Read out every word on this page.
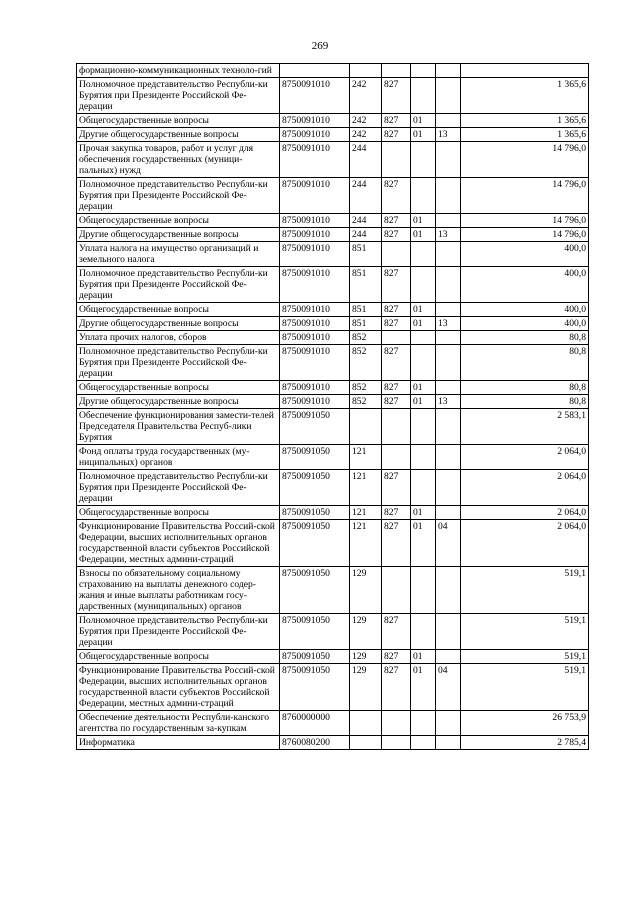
269
формационно-коммуникационных техноло-гий						
Полномочное представительство Республи-ки Бурятия при Президенте Российской Фе-дерации	8750091010	242	827			1 365,6
Общегосударственные вопросы	8750091010	242	827	01		1 365,6
Другие общегосударственные вопросы	8750091010	242	827	01	13	1 365,6
Прочая закупка товаров, работ и услуг для обеспечения государственных (муници-пальных) нужд	8750091010	244				14 796,0
Полномочное представительство Республи-ки Бурятия при Президенте Российской Фе-дерации	8750091010	244	827			14 796,0
Общегосударственные вопросы	8750091010	244	827	01		14 796,0
Другие общегосударственные вопросы	8750091010	244	827	01	13	14 796,0
Уплата налога на имущество организаций и земельного налога	8750091010	851				400,0
Полномочное представительство Республи-ки Бурятия при Президенте Российской Фе-дерации	8750091010	851	827			400,0
Общегосударственные вопросы	8750091010	851	827	01		400,0
Другие общегосударственные вопросы	8750091010	851	827	01	13	400,0
Уплата прочих налогов, сборов	8750091010	852				80,8
Полномочное представительство Республи-ки Бурятия при Президенте Российской Фе-дерации	8750091010	852	827			80,8
Общегосударственные вопросы	8750091010	852	827	01		80,8
Другие общегосударственные вопросы	8750091010	852	827	01	13	80,8
Обеспечение функционирования замести-телей Председателя Правительства Респуб-лики Бурятия	8750091050					2 583,1
Фонд оплаты труда государственных (му-ниципальных) органов	8750091050	121				2 064,0
Полномочное представительство Республи-ки Бурятия при Президенте Российской Фе-дерации	8750091050	121	827			2 064,0
Общегосударственные вопросы	8750091050	121	827	01		2 064,0
Функционирование Правительства Россий-ской Федерации, высших исполнительных органов государственной власти субъектов Российской Федерации, местных админи-страций	8750091050	121	827	01	04	2 064,0
Взносы по обязательному социальному страхованию на выплаты денежного содер-жания и иные выплаты работникам госу-дарственных (муниципальных) органов	8750091050	129				519,1
Полномочное представительство Республи-ки Бурятия при Президенте Российской Фе-дерации	8750091050	129	827			519,1
Общегосударственные вопросы	8750091050	129	827	01		519,1
Функционирование Правительства Россий-ской Федерации, высших исполнительных органов государственной власти субъектов Российской Федерации, местных админи-страций	8750091050	129	827	01	04	519,1
Обеспечение деятельности Республи-канского агентства по государственным за-купкам	8760000000					26 753,9
Информатика	8760080200					2 785,4
